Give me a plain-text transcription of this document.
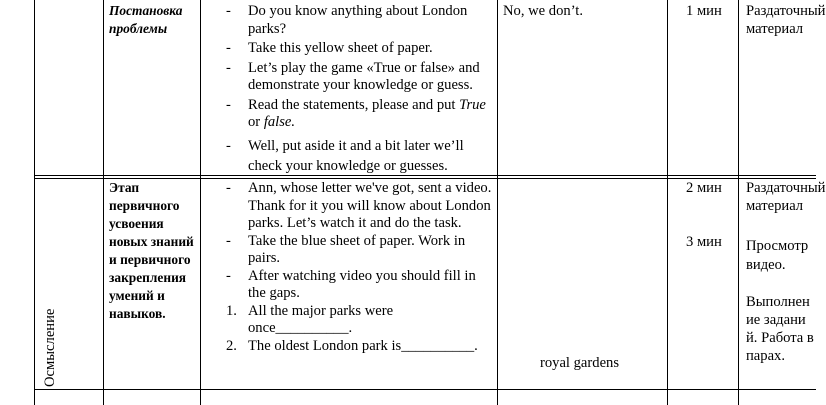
Постановка проблемы
- Do you know anything about London parks?
- Take this yellow sheet of paper.
- Let’s play the game «True or false» and demonstrate your knowledge or guess.
- Read the statements, please and put True or false.
- Well, put aside it and a bit later we’ll check your knowledge or guesses.
No, we don’t.	1 мин	Раздаточный материал
Осмысление
Этап первичного усвоения новых знаний и первичного закрепления умений и навыков.
- Ann, whose letter we've got, sent a video. Thank for it you will know about London parks. Let’s watch it and do the task.
- Take the blue sheet of paper. Work in pairs.
- After watching video you should fill in the gaps.
1. All the major parks were once__________.
2. The oldest London park is__________.
royal gardens
2 мин
3 мин
Раздаточный материал
Просмотр видео.
Выполнение заданий. Работа в парах.
